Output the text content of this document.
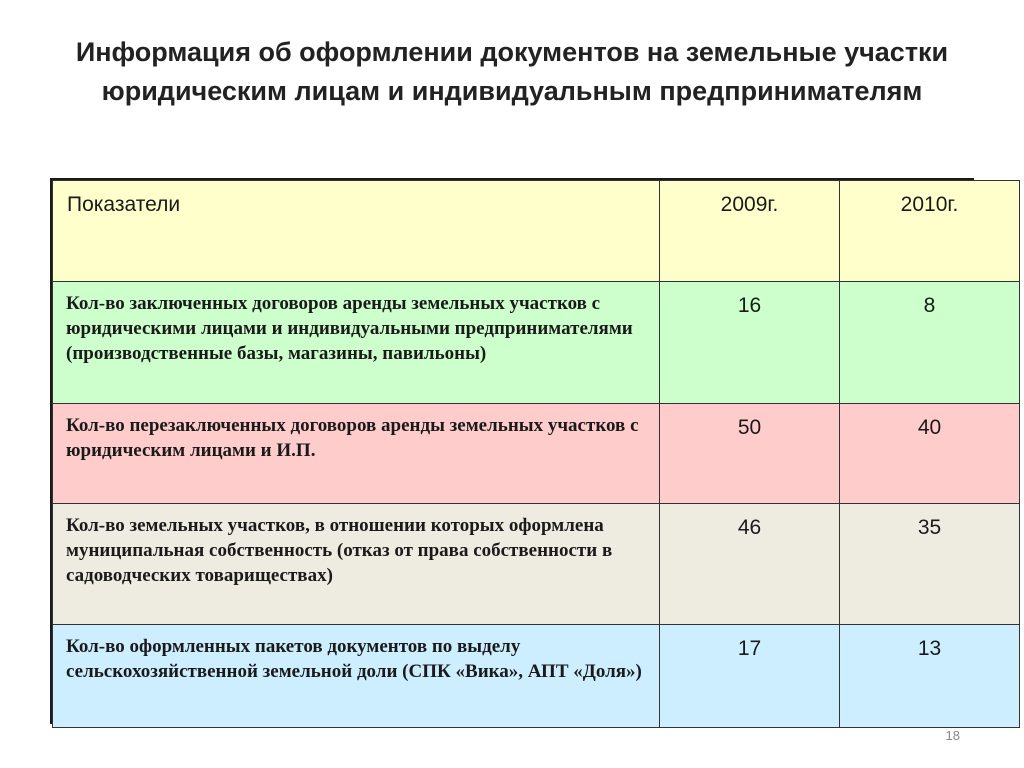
Информация об оформлении документов на земельные участки юридическим лицам и индивидуальным предпринимателям
Показатели	2009г.	2010г.

Кол-во заключенных договоров аренды земельных участков с юридическими лицами и индивидуальными предпринимателями (производственные базы, магазины, павильоны)	16	8

Кол-во перезаключенных договоров аренды земельных участков с юридическим лицами и И.П.	50	40

Кол-во земельных участков, в отношении которых оформлена муниципальная собственность (отказ от права собственности в садоводческих товариществах)	46	35

Кол-во оформленных пакетов документов по выделу сельскохозяйственной земельной доли (СПК «Вика», АПТ «Доля»)	17	13
18
